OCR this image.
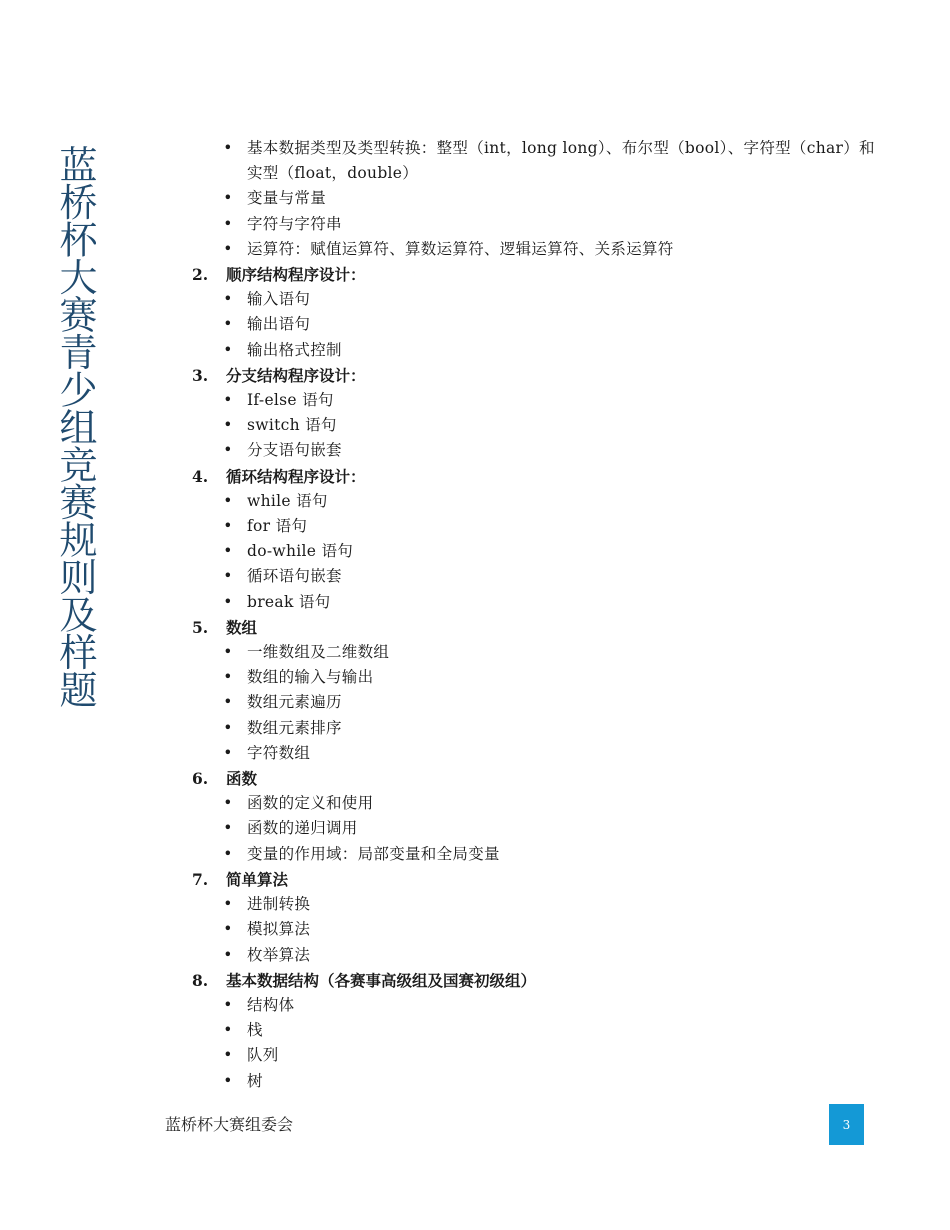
蓝桥杯大赛青少组竞赛规则及样题	• 基本数据类型及类型转换：整型（int，long long）、布尔型（bool）、字符型（char）和实型（float，double）
• 变量与常量
• 字符与字符串
• 运算符：赋值运算符、算数运算符、逻辑运算符、关系运算符
2. 顺序结构程序设计：
• 输入语句
• 输出语句
• 输出格式控制
3. 分支结构程序设计：
• If-else 语句
• switch 语句
• 分支语句嵌套
4. 循环结构程序设计：
• while 语句
• for 语句
• do-while 语句
• 循环语句嵌套
• break 语句
5. 数组
• 一维数组及二维数组
• 数组的输入与输出
• 数组元素遍历
• 数组元素排序
• 字符数组
6. 函数
• 函数的定义和使用
• 函数的递归调用
• 变量的作用域：局部变量和全局变量
7. 简单算法
• 进制转换
• 模拟算法
• 枚举算法
8. 基本数据结构（各赛事高级组及国赛初级组）
• 结构体
• 栈
• 队列
• 树
蓝桥杯大赛组委会	3
